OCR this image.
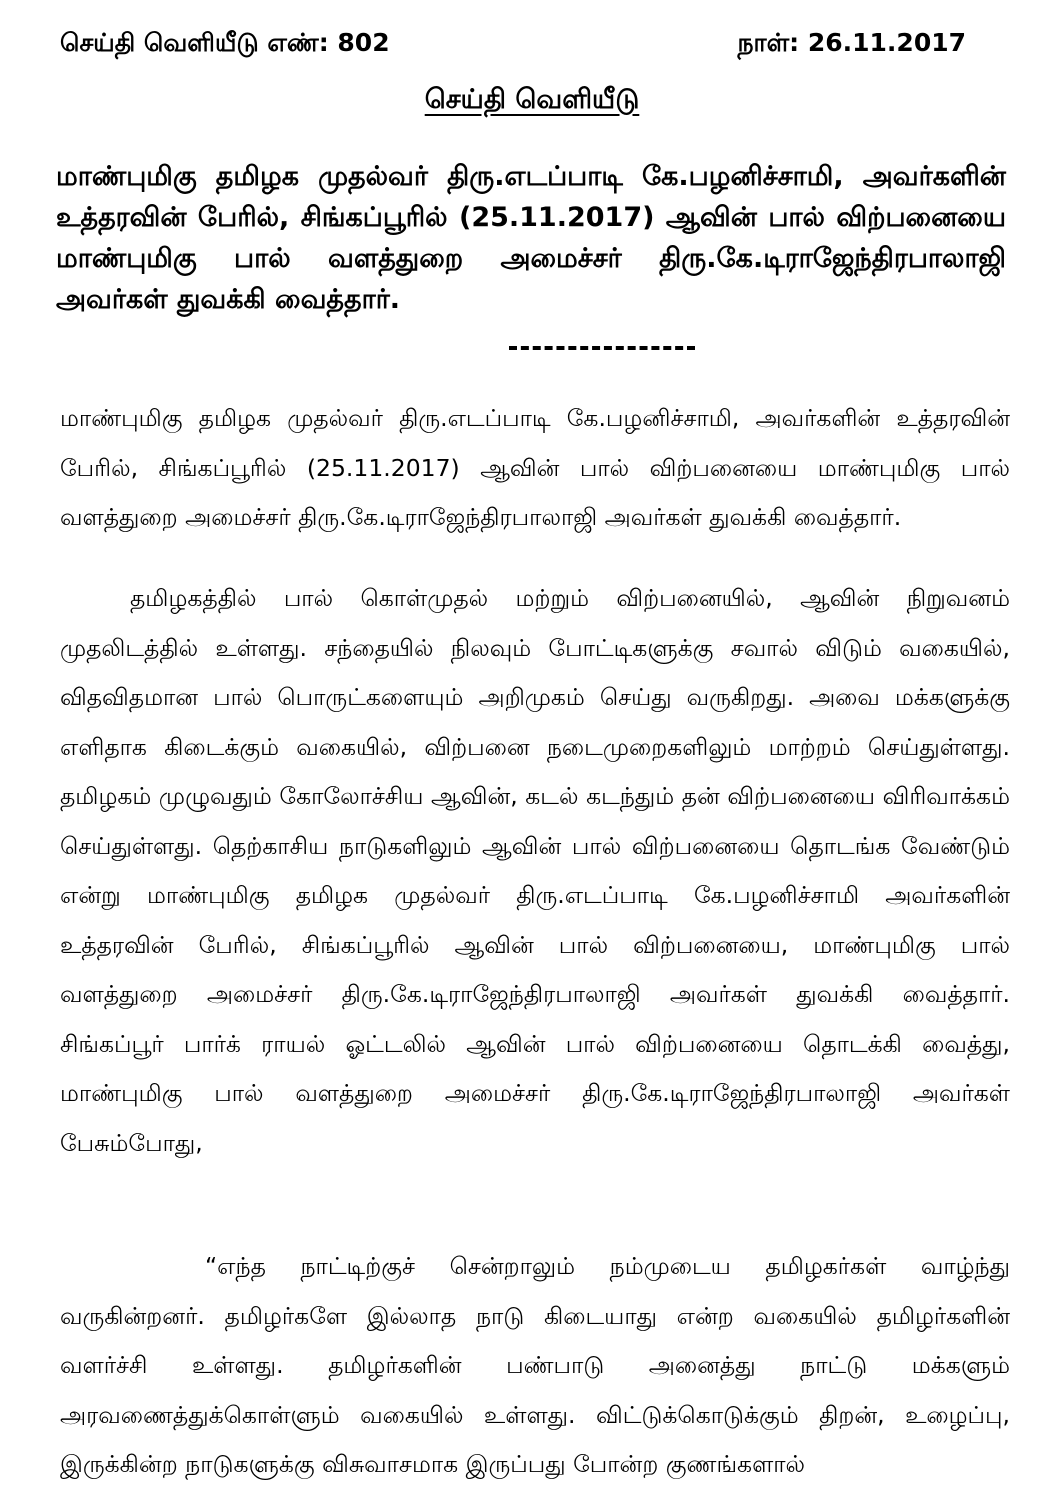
செய்தி வெளியீடு எண்: 802	நாள்: 26.11.2017
செய்தி வெளியீடு
மாண்புமிகு தமிழக முதல்வர் திரு.எடப்பாடி கே.பழனிச்சாமி, அவர்களின் உத்தரவின் பேரில், சிங்கப்பூரில் (25.11.2017) ஆவின் பால் விற்பனையை மாண்புமிகு பால் வளத்துறை அமைச்சர் திரு.கே.டிராஜேந்திரபாலாஜி அவர்கள் துவக்கி வைத்தார்.
மாண்புமிகு தமிழக முதல்வர் திரு.எடப்பாடி கே.பழனிச்சாமி, அவர்களின் உத்தரவின் பேரில், சிங்கப்பூரில் (25.11.2017) ஆவின் பால் விற்பனையை மாண்புமிகு பால் வளத்துறை அமைச்சர் திரு.கே.டிராஜேந்திரபாலாஜி அவர்கள் துவக்கி வைத்தார்.
தமிழகத்தில் பால் கொள்முதல் மற்றும் விற்பனையில், ஆவின் நிறுவனம் முதலிடத்தில் உள்ளது. சந்தையில் நிலவும் போட்டிகளுக்கு சவால் விடும் வகையில், விதவிதமான பால் பொருட்களையும் அறிமுகம் செய்து வருகிறது. அவை மக்களுக்கு எளிதாக கிடைக்கும் வகையில், விற்பனை நடைமுறைகளிலும் மாற்றம் செய்துள்ளது. தமிழகம் முழுவதும் கோலோச்சிய ஆவின், கடல் கடந்தும் தன் விற்பனையை விரிவாக்கம் செய்துள்ளது. தெற்காசிய நாடுகளிலும் ஆவின் பால் விற்பனையை தொடங்க வேண்டும் என்று மாண்புமிகு தமிழக முதல்வர் திரு.எடப்பாடி கே.பழனிச்சாமி அவர்களின் உத்தரவின் பேரில், சிங்கப்பூரில் ஆவின் பால் விற்பனையை, மாண்புமிகு பால் வளத்துறை அமைச்சர் திரு.கே.டிராஜேந்திரபாலாஜி அவர்கள் துவக்கி வைத்தார். சிங்கப்பூர் பார்க் ராயல் ஓட்டலில் ஆவின் பால் விற்பனையை தொடக்கி வைத்து, மாண்புமிகு பால் வளத்துறை அமைச்சர் திரு.கே.டிராஜேந்திரபாலாஜி அவர்கள் பேசும்போது,
“எந்த நாட்டிற்குச் சென்றாலும் நம்முடைய தமிழகர்கள் வாழ்ந்து வருகின்றனர். தமிழர்களே இல்லாத நாடு கிடையாது என்ற வகையில் தமிழர்களின் வளர்ச்சி உள்ளது. தமிழர்களின் பண்பாடு அனைத்து நாட்டு மக்களும் அரவணைத்துக்கொள்ளும் வகையில் உள்ளது. விட்டுக்கொடுக்கும் திறன், உழைப்பு, இருக்கின்ற நாடுகளுக்கு விசுவாசமாக இருப்பது போன்ற குணங்களால்
